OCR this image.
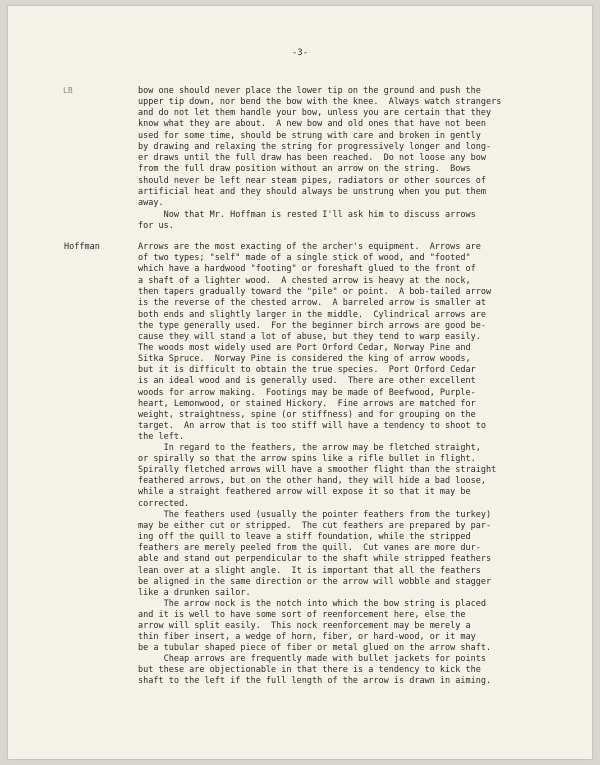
-3-
LB
Hoffman
bow one should never place the lower tip on the ground and push the
upper tip down, nor bend the bow with the knee.  Always watch strangers
and do not let them handle your bow, unless you are certain that they
know what they are about.  A new bow and old ones that have not been
used for some time, should be strung with care and broken in gently
by drawing and relaxing the string for progressively longer and long-
er draws until the full draw has been reached.  Do not loose any bow
from the full draw position without an arrow on the string.  Bows
should never be left near steam pipes, radiators or other sources of
artificial heat and they should always be unstrung when you put them
away.
Now that Mr. Hoffman is rested I'll ask him to discuss arrows
for us.
Arrows are the most exacting of the archer's equipment.  Arrows are
of two types; "self" made of a single stick of wood, and "footed"
which have a hardwood "footing" or foreshaft glued to the front of
a shaft of a lighter wood.  A chested arrow is heavy at the nock,
then tapers gradually toward the "pile" or point.  A bob-tailed arrow
is the reverse of the chested arrow.  A barreled arrow is smaller at
both ends and slightly larger in the middle.  Cylindrical arrows are
the type generally used.  For the beginner birch arrows are good be-
cause they will stand a lot of abuse, but they tend to warp easily.
The woods most widely used are Port Orford Cedar, Norway Pine and
Sitka Spruce.  Norway Pine is considered the king of arrow woods,
but it is difficult to obtain the true species.  Port Orford Cedar
is an ideal wood and is generally used.  There are other excellent
woods for arrow making.  Footings may be made of Beefwood, Purple-
heart, Lemonwood, or stained Hickory.  Fine arrows are matched for
weight, straightness, spine (or stiffness) and for grouping on the
target.  An arrow that is too stiff will have a tendency to shoot to
the left.
In regard to the feathers, the arrow may be fletched straight,
or spirally so that the arrow spins like a rifle bullet in flight.
Spirally fletched arrows will have a smoother flight than the straight
feathered arrows, but on the other hand, they will hide a bad loose,
while a straight feathered arrow will expose it so that it may be
corrected.
The feathers used (usually the pointer feathers from the turkey)
may be either cut or stripped.  The cut feathers are prepared by par-
ing off the quill to leave a stiff foundation, while the stripped
feathers are merely peeled from the quill.  Cut vanes are more dur-
able and stand out perpendicular to the shaft while stripped feathers
lean over at a slight angle.  It is important that all the feathers
be aligned in the same direction or the arrow will wobble and stagger
like a drunken sailor.
The arrow nock is the notch into which the bow string is placed
and it is well to have some sort of reenforcement here, else the
arrow will split easily.  This nock reenforcement may be merely a
thin fiber insert, a wedge of horn, fiber, or hard-wood, or it may
be a tubular shaped piece of fiber or metal glued on the arrow shaft.
Cheap arrows are frequently made with bullet jackets for points
but these are objectionable in that there is a tendency to kick the
shaft to the left if the full length of the arrow is drawn in aiming.
